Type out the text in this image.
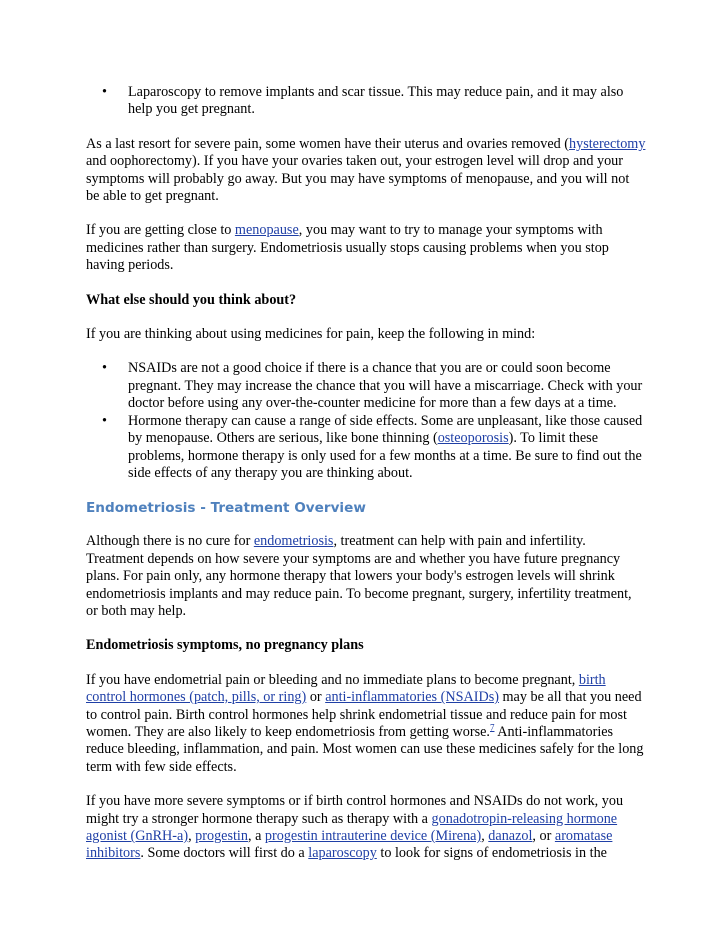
•	Laparoscopy to remove implants and scar tissue. This may reduce pain, and it may also help you get pregnant.

As a last resort for severe pain, some women have their uterus and ovaries removed (hysterectomy and oophorectomy). If you have your ovaries taken out, your estrogen level will drop and your symptoms will probably go away. But you may have symptoms of menopause, and you will not be able to get pregnant.

If you are getting close to menopause, you may want to try to manage your symptoms with medicines rather than surgery. Endometriosis usually stops causing problems when you stop having periods.

What else should you think about?

If you are thinking about using medicines for pain, keep the following in mind:

•	NSAIDs are not a good choice if there is a chance that you are or could soon become pregnant. They may increase the chance that you will have a miscarriage. Check with your doctor before using any over-the-counter medicine for more than a few days at a time.
•	Hormone therapy can cause a range of side effects. Some are unpleasant, like those caused by menopause. Others are serious, like bone thinning (osteoporosis). To limit these problems, hormone therapy is only used for a few months at a time. Be sure to find out the side effects of any therapy you are thinking about.
Endometriosis - Treatment Overview

Although there is no cure for endometriosis, treatment can help with pain and infertility. Treatment depends on how severe your symptoms are and whether you have future pregnancy plans. For pain only, any hormone therapy that lowers your body's estrogen levels will shrink endometriosis implants and may reduce pain. To become pregnant, surgery, infertility treatment, or both may help.

Endometriosis symptoms, no pregnancy plans

If you have endometrial pain or bleeding and no immediate plans to become pregnant, birth control hormones (patch, pills, or ring) or anti-inflammatories (NSAIDs) may be all that you need to control pain. Birth control hormones help shrink endometrial tissue and reduce pain for most women. They are also likely to keep endometriosis from getting worse.$^7$ Anti-inflammatories reduce bleeding, inflammation, and pain. Most women can use these medicines safely for the long term with few side effects.

If you have more severe symptoms or if birth control hormones and NSAIDs do not work, you might try a stronger hormone therapy such as therapy with a gonadotropin-releasing hormone agonist (GnRH-a), progestin, a progestin intrauterine device (Mirena), danazol, or aromatase inhibitors. Some doctors will first do a laparoscopy to look for signs of endometriosis in the
